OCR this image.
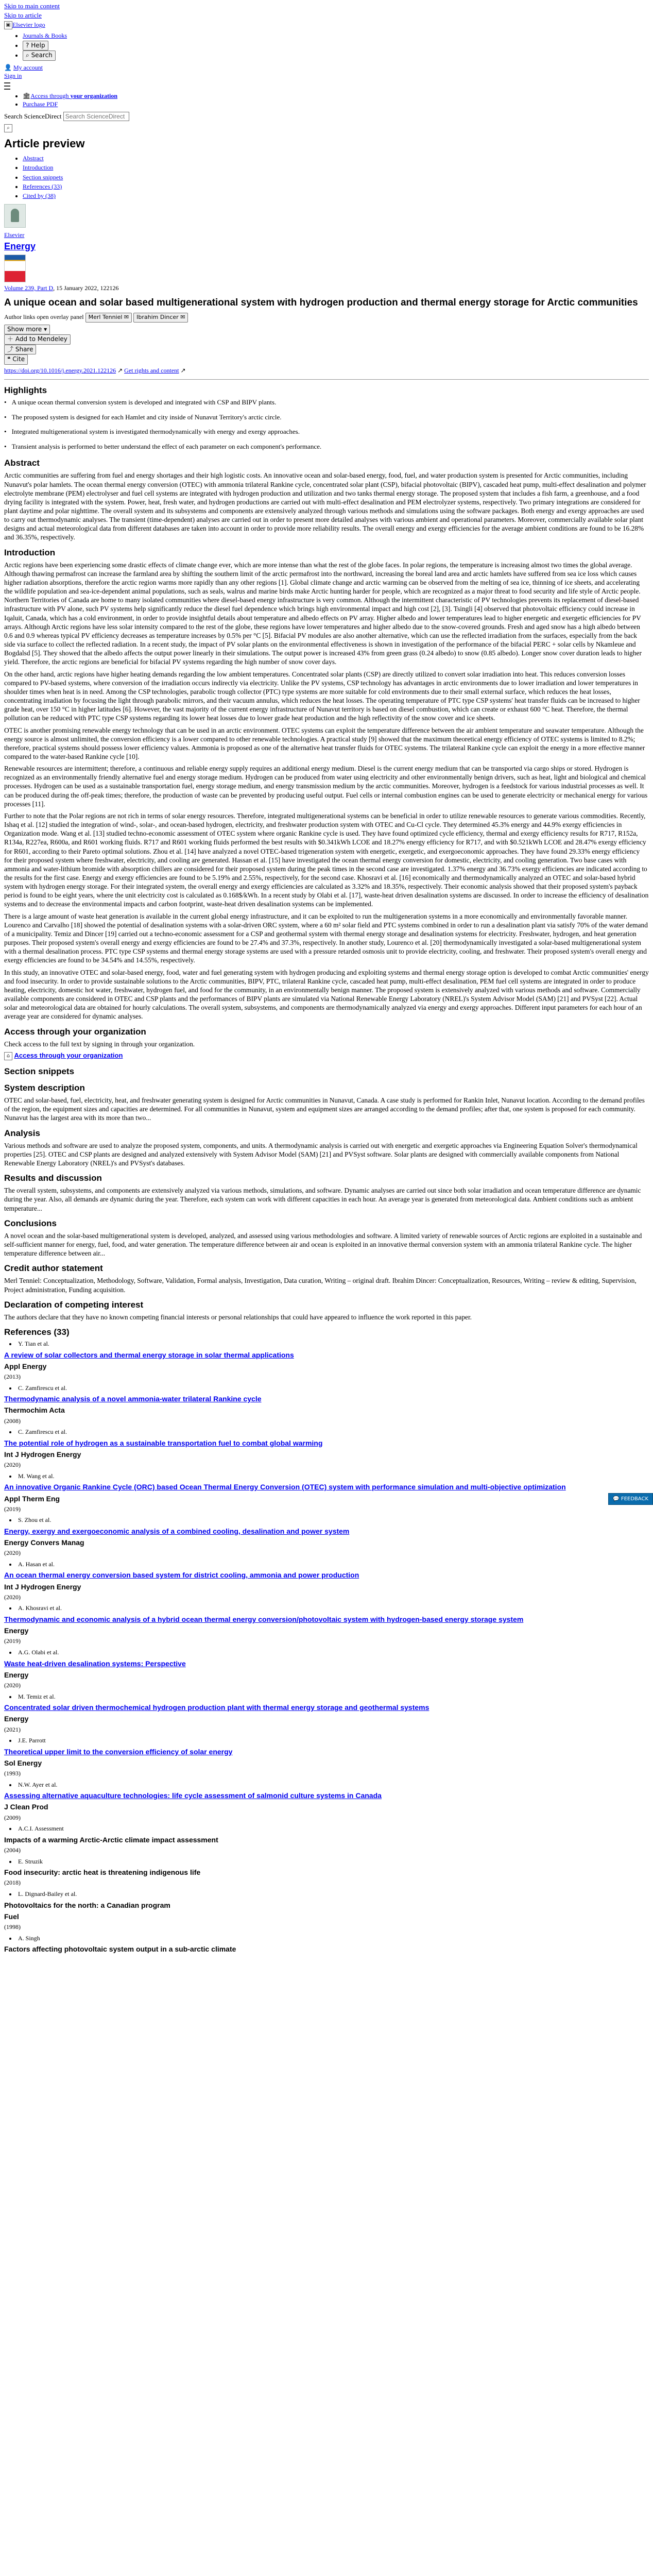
Skip to main content
Skip to article
▣ Elsevier logo
• Journals & Books
• ? Help
• ⌕ Search
👤 My account
Sign in
• 🏛Access through your organization
• Purchase PDF
Search ScienceDirect Search ScienceDirect
⌕
Article preview
• Abstract
• Introduction
• Section snippets
• References (33)
• Cited by (38)

Elsevier
Energy
Volume 239, Part D, 15 January 2022, 122126
A unique ocean and solar based multigenerational system with hydrogen production and thermal energy storage for Arctic communities
Author links open overlay panel Merl Tenniel ✉ Ibrahim Dincer ✉
Show more ▾
＋ Add to Mendeley
⤴ Share
❝ Cite
https://doi.org/10.1016/j.energy.2021.122126 ↗ Get rights and content ↗
Highlights
• A unique ocean thermal conversion system is developed and integrated with CSP and BIPV plants.
• The proposed system is designed for each Hamlet and city inside of Nunavut Territory's arctic circle.
• Integrated multigenerational system is investigated thermodynamically with energy and exergy approaches.
• Transient analysis is performed to better understand the effect of each parameter on each component's performance.
Abstract

Arctic communities are suffering from fuel and energy shortages and their high logistic costs. An innovative ocean and solar-based energy, food, fuel, and water production system is presented for Arctic communities, including Nunavut's polar hamlets. The ocean thermal energy conversion (OTEC) with ammonia trilateral Rankine cycle, concentrated solar plant (CSP), bifacial photovoltaic (BIPV), cascaded heat pump, multi-effect desalination and polymer electrolyte membrane (PEM) electrolyser and fuel cell systems are integrated with hydrogen production and utilization and two tanks thermal energy storage. The proposed system that includes a fish farm, a greenhouse, and a food drying facility is integrated with the system. Power, heat, fresh water, and hydrogen productions are carried out with multi-effect desalination and PEM electrolyzer systems, respectively. Two primary integrations are considered for plant daytime and polar nighttime. The overall system and its subsystems and components are extensively analyzed through various methods and simulations using the software packages. Both energy and exergy approaches are used to carry out thermodynamic analyses. The transient (time-dependent) analyses are carried out in order to present more detailed analyses with various ambient and operational parameters. Moreover, commercially available solar plant designs and actual meteorological data from different databases are taken into account in order to provide more reliability results. The overall energy and exergy efficiencies for the average ambient conditions are found to be 16.28% and 36.35%, respectively.

Introduction

Arctic regions have been experiencing some drastic effects of climate change ever, which are more intense than what the rest of the globe faces. In polar regions, the temperature is increasing almost two times the global average. Although thawing permafrost can increase the farmland area by shifting the southern limit of the arctic permafrost into the northward, increasing the boreal land area and arctic hamlets have suffered from sea ice loss which causes higher radiation absorptions, therefore the arctic region warms more rapidly than any other regions [1]. Global climate change and arctic warming can be observed from the melting of sea ice, thinning of ice sheets, and accelerating the wildlife population and sea-ice-dependent animal populations, such as seals, walrus and marine birds make Arctic hunting harder for people, which are recognized as a major threat to food security and life style of Arctic people. Northern Territories of Canada are home to many isolated communities where diesel-based energy infrastructure is very common. Although the intermittent characteristic of PV technologies prevents its replacement of diesel-based infrastructure with PV alone, such PV systems help significantly reduce the diesel fuel dependence which brings high environmental impact and high cost [2], [3]. Tsingli [4] observed that photovoltaic efficiency could increase in Iqaluit, Canada, which has a cold environment, in order to provide insightful details about temperature and albedo effects on PV array. Higher albedo and lower temperatures lead to higher energetic and exergetic efficiencies for PV arrays. Although Arctic regions have less solar intensity compared to the rest of the globe, these regions have lower temperatures and higher albedo due to the snow-covered grounds. Fresh and aged snow has a high albedo between 0.6 and 0.9 whereas typical PV efficiency decreases as temperature increases by 0.5% per °C [5]. Bifacial PV modules are also another alternative, which can use the reflected irradiation from the surfaces, especially from the back side via surface to collect the reflected radiation. In a recent study, the impact of PV solar plants on the environmental effectiveness is shown in investigation of the performance of the bifacial PERC + solar cells by Nkamleue and Bogdalsd [5]. They showed that the albedo affects the output power linearly in their simulations. The output power is increased 43% from green grass (0.24 albedo) to snow (0.85 albedo). Longer snow cover duration leads to higher yield. Therefore, the arctic regions are beneficial for bifacial PV systems regarding the high number of snow cover days.

On the other hand, arctic regions have higher heating demands regarding the low ambient temperatures. Concentrated solar plants (CSP) are directly utilized to convert solar irradiation into heat. This reduces conversion losses compared to PV-based systems, where conversion of the irradiation occurs indirectly via electricity. Unlike the PV systems, CSP technology has advantages in arctic environments due to lower irradiation and lower temperatures in shoulder times when heat is in need. Among the CSP technologies, parabolic trough collector (PTC) type systems are more suitable for cold environments due to their small external surface, which reduces the heat losses, concentrating irradiation by focusing the light through parabolic mirrors, and their vacuum annulus, which reduces the heat losses. The operating temperature of PTC type CSP systems' heat transfer fluids can be increased to higher grade heat, over 150 °C in higher latitudes [6]. However, the vast majority of the current energy infrastructure of Nunavut territory is based on diesel combustion, which can create or exhaust 600 °C heat. Therefore, the thermal pollution can be reduced with PTC type CSP systems regarding its lower heat losses due to lower grade heat production and the high reflectivity of the snow cover and ice sheets.

OTEC is another promising renewable energy technology that can be used in an arctic environment. OTEC systems can exploit the temperature difference between the air ambient temperature and seawater temperature. Although the energy source is almost unlimited, the conversion efficiency is a lower compared to other renewable technologies. A practical study [9] showed that the maximum theoretical energy efficiency of OTEC systems is limited to 8.2%; therefore, practical systems should possess lower efficiency values. Ammonia is proposed as one of the alternative heat transfer fluids for OTEC systems. The trilateral Rankine cycle can exploit the energy in a more effective manner compared to the water-based Rankine cycle [10].

Renewable resources are intermittent; therefore, a continuous and reliable energy supply requires an additional energy medium. Diesel is the current energy medium that can be transported via cargo ships or stored. Hydrogen is recognized as an environmentally friendly alternative fuel and energy storage medium. Hydrogen can be produced from water using electricity and other environmentally benign drivers, such as heat, light and biological and chemical processes. Hydrogen can be used as a sustainable transportation fuel, energy storage medium, and energy transmission medium by the arctic communities. Moreover, hydrogen is a feedstock for various industrial processes as well. It can be produced during the off-peak times; therefore, the production of waste can be prevented by producing useful output. Fuel cells or internal combustion engines can be used to generate electricity or mechanical energy for various processes [11].

Further to note that the Polar regions are not rich in terms of solar energy resources. Therefore, integrated multigenerational systems can be beneficial in order to utilize renewable resources to generate various commodities. Recently, Ishaq et al. [12] studied the integration of wind-, solar-, and ocean-based hydrogen, electricity, and freshwater production system with OTEC and Cu-Cl cycle. They determined 45.3% energy and 44.9% exergy efficiencies in Organization mode. Wang et al. [13] studied techno-economic assessment of OTEC system where organic Rankine cycle is used. They have found optimized cycle efficiency, thermal and exergy efficiency results for R717, R152a, R134a, R227ea, R600a, and R601 working fluids. R717 and R601 working fluids performed the best results with $0.341kWh LCOE and 18.27% energy efficiency for R717, and with $0.521kWh LCOE and 28.47% exergy efficiency for R601, according to their Pareto optimal solutions. Zhou et al. [14] have analyzed a novel OTEC-based trigeneration system with energetic, exergetic, and exergoeconomic approaches. They have found 29.33% energy efficiency for their proposed system where freshwater, electricity, and cooling are generated. Hassan et al. [15] have investigated the ocean thermal energy conversion for domestic, electricity, and cooling generation. Two base cases with ammonia and water-lithium bromide with absorption chillers are considered for their proposed system during the peak times in the second case are investigated. 1.37% energy and 36.73% exergy efficiencies are indicated according to the results for the first case. Energy and exergy efficiencies are found to be 5.19% and 2.55%, respectively, for the second case. Khosravi et al. [16] economically and thermodynamically analyzed an OTEC and solar-based hybrid system with hydrogen energy storage. For their integrated system, the overall energy and exergy efficiencies are calculated as 3.32% and 18.35%, respectively. Their economic analysis showed that their proposed system's payback period is found to be eight years, where the unit electricity cost is calculated as 0.168$/kWh. In a recent study by Olabi et al. [17], waste-heat driven desalination systems are discussed. In order to increase the efficiency of desalination systems and to decrease the environmental impacts and carbon footprint, waste-heat driven desalination systems can be implemented.

There is a large amount of waste heat generation is available in the current global energy infrastructure, and it can be exploited to run the multigeneration systems in a more economically and environmentally favorable manner. Lourenco and Carvalho [18] showed the potential of desalination systems with a solar-driven ORC system, where a 60 m² solar field and PTC systems combined in order to run a desalination plant via satisfy 70% of the water demand of a municipality. Temiz and Dincer [19] carried out a techno-economic assessment for a CSP and geothermal system with thermal energy storage and desalination systems for electricity. Freshwater, hydrogen, and heat generation purposes. Their proposed system's overall energy and exergy efficiencies are found to be 27.4% and 37.3%, respectively. In another study, Lourenco et al. [20] thermodynamically investigated a solar-based multigenerational system with a thermal desalination process. PTC type CSP systems and thermal energy storage systems are used with a pressure retarded osmosis unit to provide electricity, cooling, and freshwater. Their proposed system's overall energy and exergy efficiencies are found to be 34.54% and 14.55%, respectively.

In this study, an innovative OTEC and solar-based energy, food, water and fuel generating system with hydrogen producing and exploiting systems and thermal energy storage option is developed to combat Arctic communities' energy and food insecurity. In order to provide sustainable solutions to the Arctic communities, BIPV, PTC, trilateral Rankine cycle, cascaded heat pump, multi-effect desalination, PEM fuel cell systems are integrated in order to produce heating, electricity, domestic hot water, freshwater, hydrogen fuel, and food for the community, in an environmentally benign manner. The proposed system is extensively analyzed with various methods and software. Commercially available components are considered in OTEC and CSP plants and the performances of BIPV plants are simulated via National Renewable Energy Laboratory (NREL)'s System Advisor Model (SAM) [21] and PVSyst [22]. Actual solar and meteorological data are obtained for hourly calculations. The overall system, subsystems, and components are thermodynamically analyzed via energy and exergy approaches. Different input parameters for each hour of an average year are considered for dynamic analyses.

Access through your organization

Check access to the full text by signing in through your organization.

⌂ Access through your organization
Section snippets
System description

OTEC and solar-based, fuel, electricity, heat, and freshwater generating system is designed for Arctic communities in Nunavut, Canada. A case study is performed for Rankin Inlet, Nunavut location. According to the demand profiles of the region, the equipment sizes and capacities are determined. For all communities in Nunavut, system and equipment sizes are arranged according to the demand profiles; after that, one system is proposed for each community. Nunavut has the largest area with its more than two...

Analysis

Various methods and software are used to analyze the proposed system, components, and units. A thermodynamic analysis is carried out with energetic and exergetic approaches via Engineering Equation Solver's thermodynamical properties [25]. OTEC and CSP plants are designed and analyzed extensively with System Advisor Model (SAM) [21] and PVSyst software. Solar plants are designed with commercially available components from National Renewable Energy Laboratory (NREL)'s and PVSyst's databases.

Results and discussion

The overall system, subsystems, and components are extensively analyzed via various methods, simulations, and software. Dynamic analyses are carried out since both solar irradiation and ocean temperature difference are dynamic during the year. Also, all demands are dynamic during the year. Therefore, each system can work with different capacities in each hour. An average year is generated from meteorological data. Ambient conditions such as ambient temperature...

Conclusions

A novel ocean and the solar-based multigenerational system is developed, analyzed, and assessed using various methodologies and software. A limited variety of renewable sources of Arctic regions are exploited in a sustainable and self-sufficient manner for energy, fuel, food, and water generation. The temperature difference between air and ocean is exploited in an innovative thermal conversion system with an ammonia trilateral Rankine cycle. The higher temperature difference between air...

Credit author statement

Merl Tenniel: Conceptualization, Methodology, Software, Validation, Formal analysis, Investigation, Data curation, Writing – original draft. Ibrahim Dincer: Conceptualization, Resources, Writing – review & editing, Supervision, Project administration, Funding acquisition.

Declaration of competing interest

The authors declare that they have no known competing financial interests or personal relationships that could have appeared to influence the work reported in this paper.

References (33)
Y. Tian et al.
A review of solar collectors and thermal energy storage in solar thermal applications
Appl Energy
(2013)
C. Zamfirescu et al.
Thermodynamic analysis of a novel ammonia-water trilateral Rankine cycle
Thermochim Acta
(2008)
C. Zamfirescu et al.
The potential role of hydrogen as a sustainable transportation fuel to combat global warming
Int J Hydrogen Energy
(2020)
M. Wang et al.
An innovative Organic Rankine Cycle (ORC) based Ocean Thermal Energy Conversion (OTEC) system with performance simulation and multi-objective optimization
Appl Therm Eng
(2019)
S. Zhou et al.
Energy, exergy and exergoeconomic analysis of a combined cooling, desalination and power system
Energy Convers Manag
(2020)
A. Hasan et al.
An ocean thermal energy conversion based system for district cooling, ammonia and power production
Int J Hydrogen Energy
(2020)
A. Khosravi et al.
Thermodynamic and economic analysis of a hybrid ocean thermal energy conversion/photovoltaic system with hydrogen-based energy storage system
Energy
(2019)
A.G. Olabi et al.
Waste heat-driven desalination systems: Perspective
Energy
(2020)
M. Temiz et al.
Concentrated solar driven thermochemical hydrogen production plant with thermal energy storage and geothermal systems
Energy
(2021)
J.E. Parrott
Theoretical upper limit to the conversion efficiency of solar energy
Sol Energy
(1993)
N.W. Ayer et al.
Assessing alternative aquaculture technologies: life cycle assessment of salmonid culture systems in Canada
J Clean Prod
(2009)
A.C.I. Assessment
Impacts of a warming Arctic-Arctic climate impact assessment
(2004)
E. Struzik
Food insecurity: arctic heat is threatening indigenous life
(2018)
L. Dignard-Bailey et al.
Photovoltaics for the north: a Canadian program
Fuel
(1998)
A. Singh
Factors affecting photovoltaic system output in a sub-arctic climate
💬 FEEDBACK
